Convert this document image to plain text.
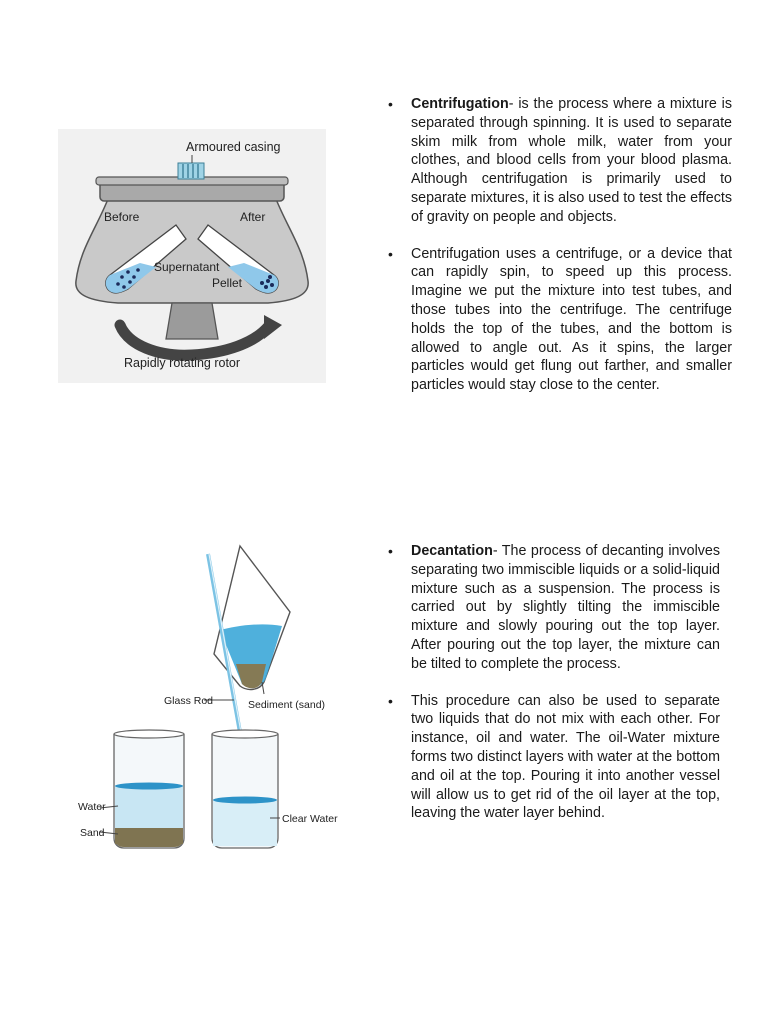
Armoured casing
Before	After
Supernatant
Pellet
Rapidly rotating rotor
• Centrifugation- is the process where a mixture is separated through spinning. It is used to separate skim milk from whole milk, water from your clothes, and blood cells from your blood plasma. Although centrifugation is primarily used to separate mixtures, it is also used to test the effects of gravity on people and objects.
• Centrifugation uses a centrifuge, or a device that can rapidly spin, to speed up this process. Imagine we put the mixture into test tubes, and those tubes into the centrifuge. The centrifuge holds the top of the tubes, and the bottom is allowed to angle out. As it spins, the larger particles would get flung out farther, and smaller particles would stay close to the center.
Glass Rod	Sediment (sand)
Water
Sand
Clear Water
• Decantation- The process of decanting involves separating two immiscible liquids or a solid-liquid mixture such as a suspension. The process is carried out by slightly tilting the immiscible mixture and slowly pouring out the top layer. After pouring out the top layer, the mixture can be tilted to complete the process.
• This procedure can also be used to separate two liquids that do not mix with each other. For instance, oil and water. The oil-Water mixture forms two distinct layers with water at the bottom and oil at the top. Pouring it into another vessel will allow us to get rid of the oil layer at the top, leaving the water layer behind.
